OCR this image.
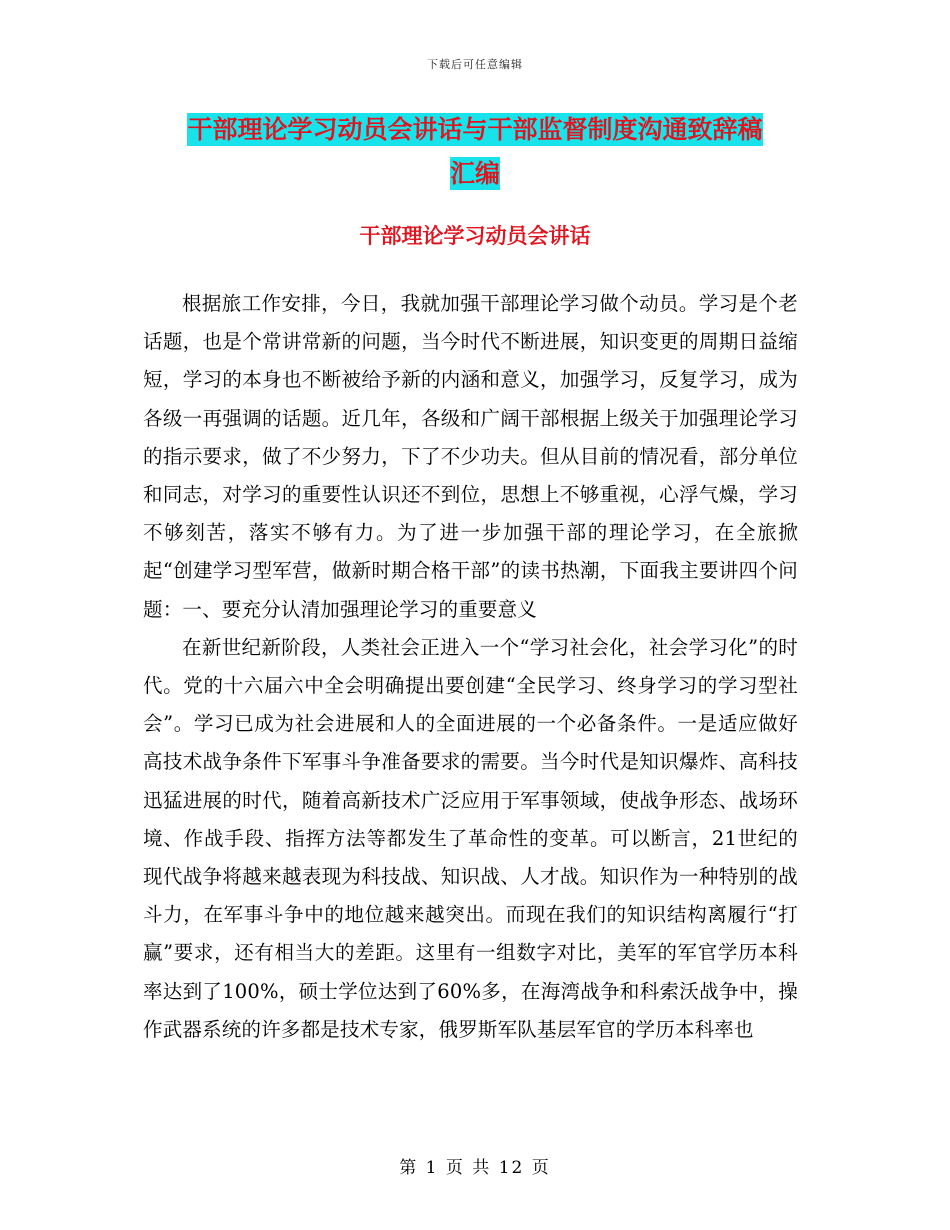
下载后可任意编辑
干部理论学习动员会讲话与干部监督制度沟通致辞稿
汇编
干部理论学习动员会讲话

根据旅工作安排，今日，我就加强干部理论学习做个动员。学习是个老话题，也是个常讲常新的问题，当今时代不断进展，知识变更的周期日益缩短，学习的本身也不断被给予新的内涵和意义，加强学习，反复学习，成为各级一再强调的话题。近几年，各级和广阔干部根据上级关于加强理论学习的指示要求，做了不少努力，下了不少功夫。但从目前的情况看，部分单位和同志，对学习的重要性认识还不到位，思想上不够重视，心浮气燥，学习不够刻苦，落实不够有力。为了进一步加强干部的理论学习，在全旅掀起“创建学习型军营，做新时期合格干部”的读书热潮，下面我主要讲四个问题：一、要充分认清加强理论学习的重要意义

在新世纪新阶段，人类社会正进入一个“学习社会化，社会学习化”的时代。党的十六届六中全会明确提出要创建“全民学习、终身学习的学习型社会”。学习已成为社会进展和人的全面进展的一个必备条件。一是适应做好高技术战争条件下军事斗争准备要求的需要。当今时代是知识爆炸、高科技迅猛进展的时代，随着高新技术广泛应用于军事领域，使战争形态、战场环境、作战手段、指挥方法等都发生了革命性的变革。可以断言，21世纪的现代战争将越来越表现为科技战、知识战、人才战。知识作为一种特别的战斗力，在军事斗争中的地位越来越突出。而现在我们的知识结构离履行“打赢”要求，还有相当大的差距。这里有一组数字对比，美军的军官学历本科率达到了100%，硕士学位达到了60%多，在海湾战争和科索沃战争中，操作武器系统的许多都是技术专家，俄罗斯军队基层军官的学历本科率也

第 1 页 共 12 页
